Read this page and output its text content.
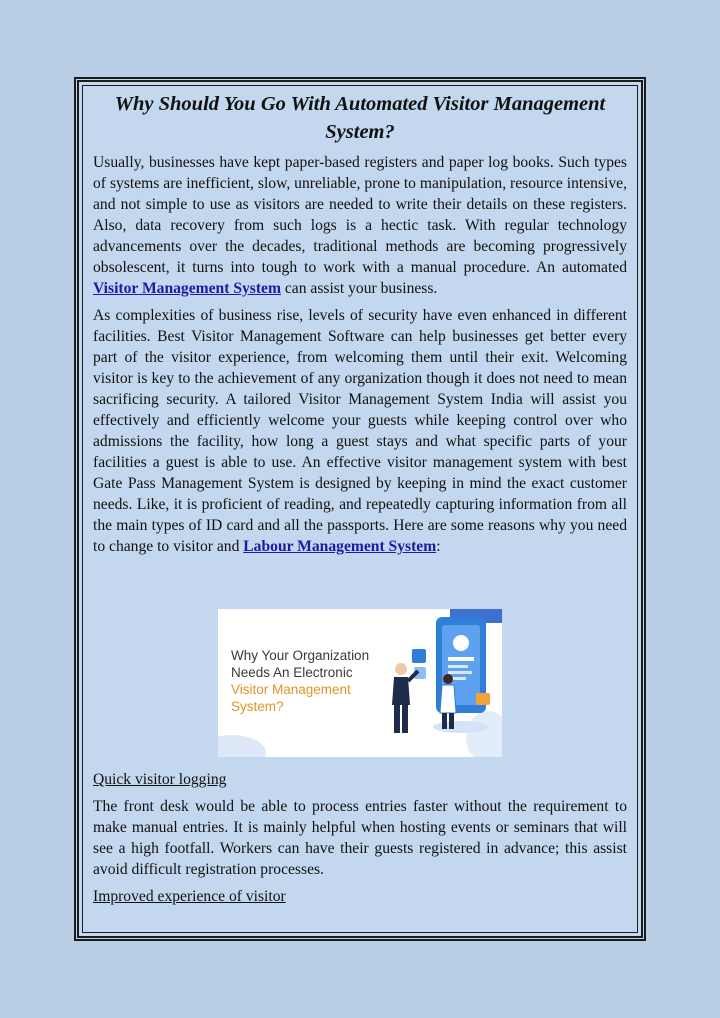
Why Should You Go With Automated Visitor Management System?

Usually, businesses have kept paper-based registers and paper log books. Such types of systems are inefficient, slow, unreliable, prone to manipulation, resource intensive, and not simple to use as visitors are needed to write their details on these registers. Also, data recovery from such logs is a hectic task. With regular technology advancements over the decades, traditional methods are becoming progressively obsolescent, it turns into tough to work with a manual procedure. An automated Visitor Management System can assist your business.

As complexities of business rise, levels of security have even enhanced in different facilities. Best Visitor Management Software can help businesses get better every part of the visitor experience, from welcoming them until their exit. Welcoming visitor is key to the achievement of any organization though it does not need to mean sacrificing security. A tailored Visitor Management System India will assist you effectively and efficiently welcome your guests while keeping control over who admissions the facility, how long a guest stays and what specific parts of your facilities a guest is able to use. An effective visitor management system with best Gate Pass Management System is designed by keeping in mind the exact customer needs. Like, it is proficient of reading, and repeatedly capturing information from all the main types of ID card and all the passports. Here are some reasons why you need to change to visitor and Labour Management System:

Why Your Organization
Needs An Electronic
Visitor Management
System?
Quick visitor logging

The front desk would be able to process entries faster without the requirement to make manual entries. It is mainly helpful when hosting events or seminars that will see a high footfall. Workers can have their guests registered in advance; this assist avoid difficult registration processes.

Improved experience of visitor
